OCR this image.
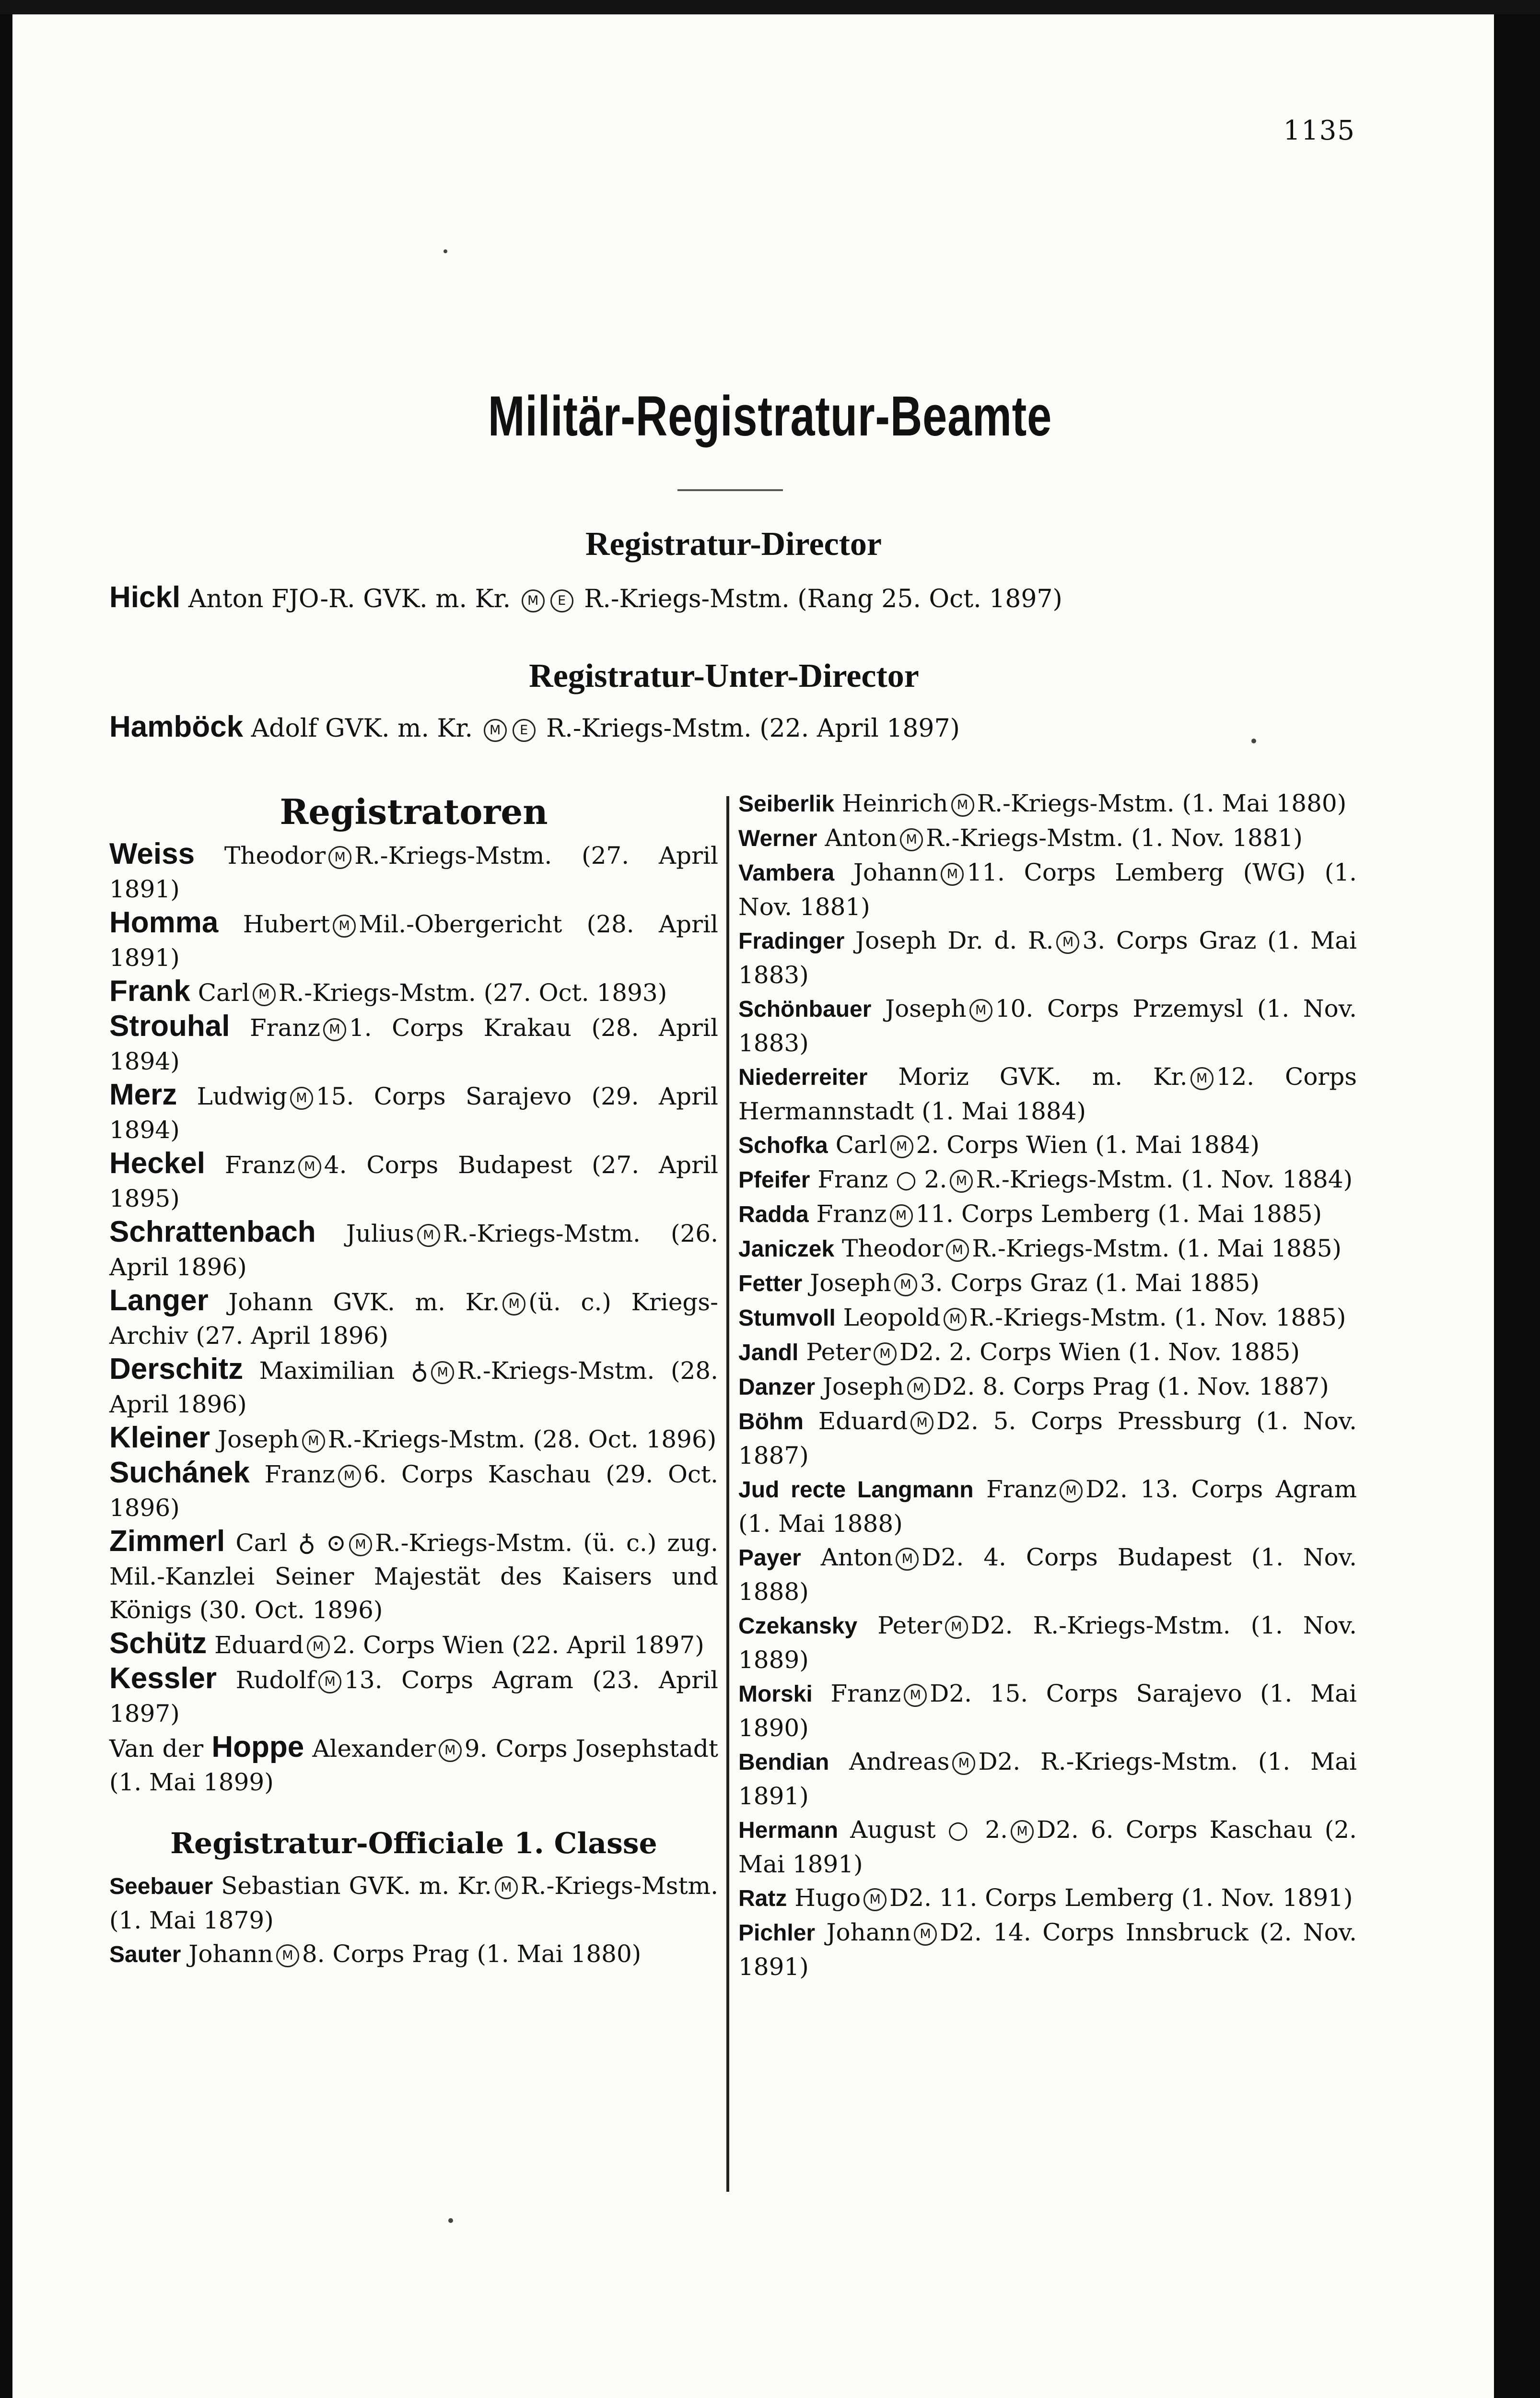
1135
Militär-Registratur-Beamte
Registratur-Director
Hickl Anton FJO-R. GVK. m. Kr. M E R.-Kriegs-Mstm. (Rang 25. Oct. 1897)
Registratur-Unter-Director
Hamböck Adolf GVK. m. Kr. M E R.-Kriegs-Mstm. (22. April 1897)
Registratoren
Weiss Theodor M R.-Kriegs-Mstm. (27. April 1891)
Homma Hubert M Mil.-Obergericht (28. April 1891)
Frank Carl M R.-Kriegs-Mstm. (27. Oct. 1893)
Strouhal Franz M 1. Corps Krakau (28. April 1894)
Merz Ludwig M 15. Corps Sarajevo (29. April 1894)
Heckel Franz M 4. Corps Budapest (27. April 1895)
Schrattenbach Julius M R.-Kriegs-Mstm. (26. April 1896)
Langer Johann GVK. m. Kr. M (ü. c.) Kriegs-Archiv (27. April 1896)
Derschitz Maximilian ♁ M R.-Kriegs-Mstm. (28. April 1896)
Kleiner Joseph M R.-Kriegs-Mstm. (28. Oct. 1896)
Suchánek Franz M 6. Corps Kaschau (29. Oct. 1896)
Zimmerl Carl ♁ ⊙ M R.-Kriegs-Mstm. (ü. c.) zug. Mil.-Kanzlei Seiner Majestät des Kaisers und Königs (30. Oct. 1896)
Schütz Eduard M 2. Corps Wien (22. April 1897)
Kessler Rudolf M 13. Corps Agram (23. April 1897)
Van der Hoppe Alexander M 9. Corps Josephstadt (1. Mai 1899)
Registratur-Officiale 1. Classe
Seebauer Sebastian GVK. m. Kr. M R.-Kriegs-Mstm. (1. Mai 1879)
Sauter Johann M 8. Corps Prag (1. Mai 1880)
Seiberlik Heinrich M R.-Kriegs-Mstm. (1. Mai 1880)
Werner Anton M R.-Kriegs-Mstm. (1. Nov. 1881)
Vambera Johann M 11. Corps Lemberg (WG) (1. Nov. 1881)
Fradinger Joseph Dr. d. R. M 3. Corps Graz (1. Mai 1883)
Schönbauer Joseph M 10. Corps Przemysl (1. Nov. 1883)
Niederreiter Moriz GVK. m. Kr. M 12. Corps Hermannstadt (1. Mai 1884)
Schofka Carl M 2. Corps Wien (1. Mai 1884)
Pfeifer Franz ○ 2. M R.-Kriegs-Mstm. (1. Nov. 1884)
Radda Franz M 11. Corps Lemberg (1. Mai 1885)
Janiczek Theodor M R.-Kriegs-Mstm. (1. Mai 1885)
Fetter Joseph M 3. Corps Graz (1. Mai 1885)
Stumvoll Leopold M R.-Kriegs-Mstm. (1. Nov. 1885)
Jandl Peter M D2. 2. Corps Wien (1. Nov. 1885)
Danzer Joseph M D2. 8. Corps Prag (1. Nov. 1887)
Böhm Eduard M D2. 5. Corps Pressburg (1. Nov. 1887)
Jud recte Langmann Franz M D2. 13. Corps Agram (1. Mai 1888)
Payer Anton M D2. 4. Corps Budapest (1. Nov. 1888)
Czekansky Peter M D2. R.-Kriegs-Mstm. (1. Nov. 1889)
Morski Franz M D2. 15. Corps Sarajevo (1. Mai 1890)
Bendian Andreas M D2. R.-Kriegs-Mstm. (1. Mai 1891)
Hermann August ○ 2. M D2. 6. Corps Kaschau (2. Mai 1891)
Ratz Hugo M D2. 11. Corps Lemberg (1. Nov. 1891)
Pichler Johann M D2. 14. Corps Innsbruck (2. Nov. 1891)
